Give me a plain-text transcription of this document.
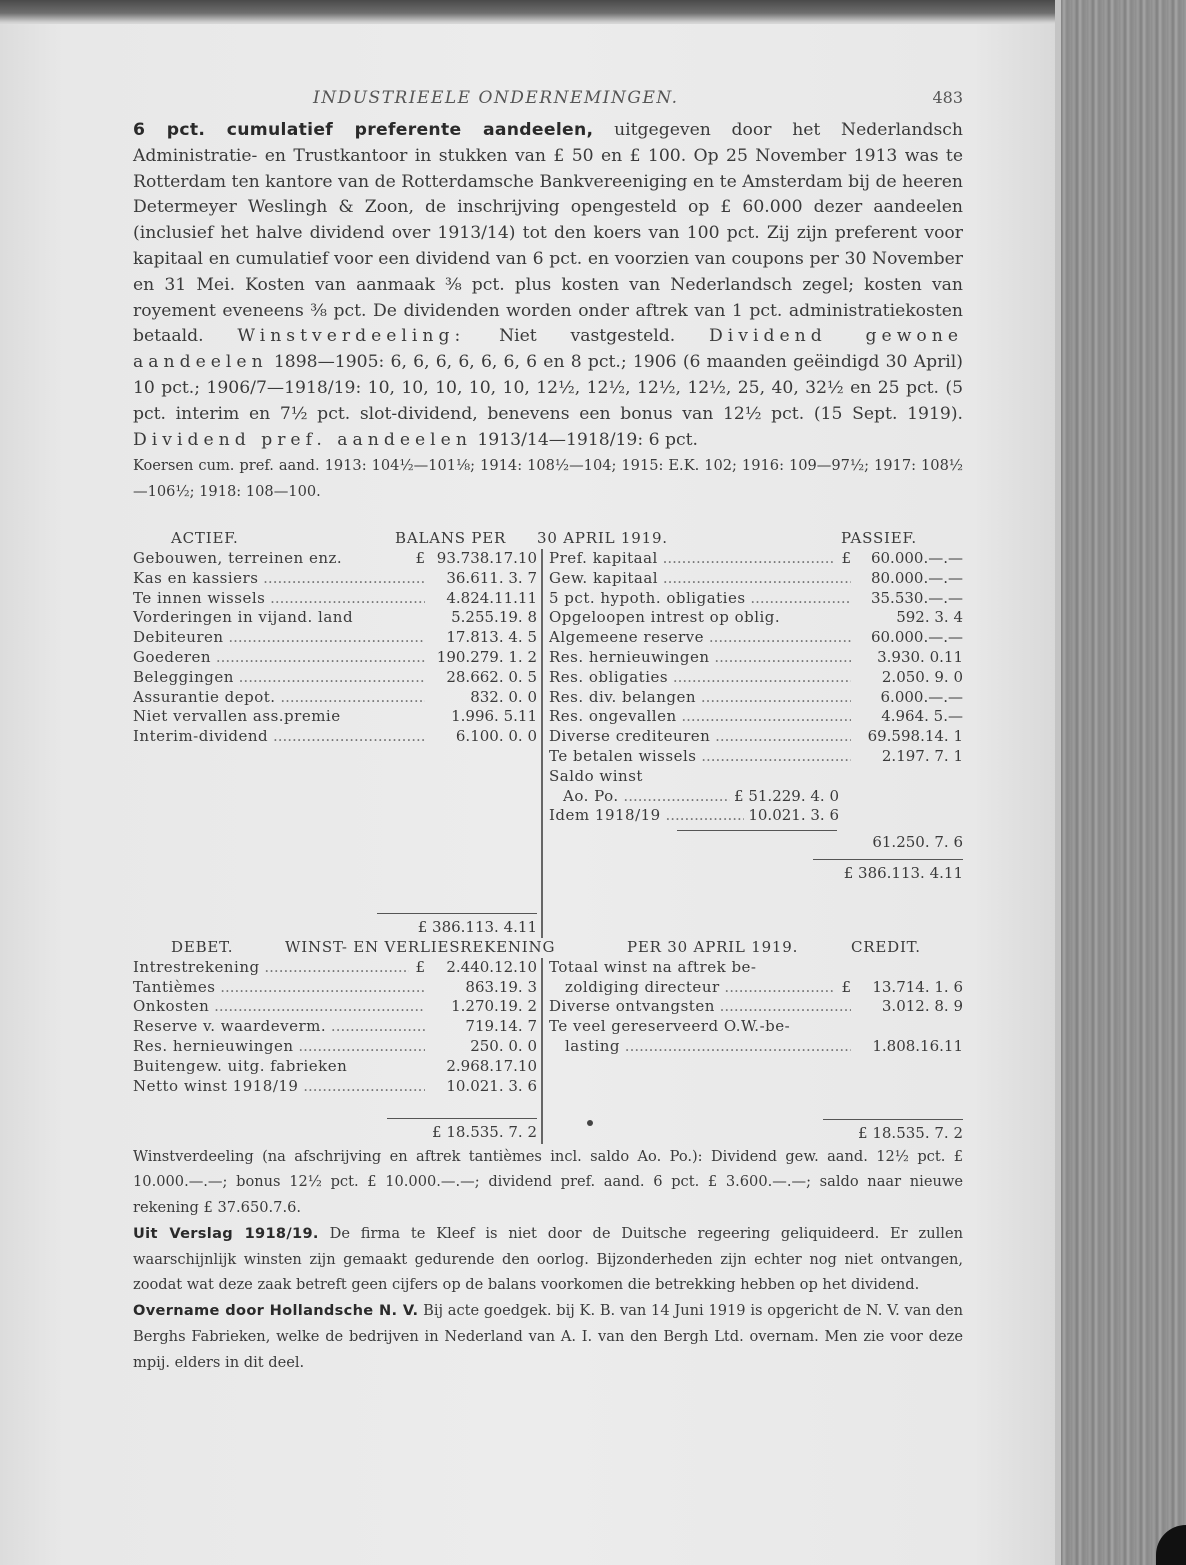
INDUSTRIEELE ONDERNEMINGEN.	483

6 pct. cumulatief preferente aandeelen, uitgegeven door het Nederlandsch Administratie- en Trustkantoor in stukken van £ 50 en £ 100. Op 25 November 1913 was te Rotterdam ten kantore van de Rotterdamsche Bankvereeniging en te Amsterdam bij de heeren Determeyer Weslingh & Zoon, de inschrijving opengesteld op £ 60.000 dezer aandeelen (inclusief het halve dividend over 1913/14) tot den koers van 100 pct. Zij zijn preferent voor kapitaal en cumulatief voor een dividend van 6 pct. en voorzien van coupons per 30 November en 31 Mei. Kosten van aanmaak ⅜ pct. plus kosten van Nederlandsch zegel; kosten van royement eveneens ⅜ pct. De dividenden worden onder aftrek van 1 pct. administratiekosten betaald. Winstverdeeling: Niet vastgesteld. Dividend gewone aandeelen 1898—1905: 6, 6, 6, 6, 6, 6, 6 en 8 pct.; 1906 (6 maanden geëindigd 30 April) 10 pct.; 1906/7—1918/19: 10, 10, 10, 10, 10, 12½, 12½, 12½, 12½, 25, 40, 32½ en 25 pct. (5 pct. interim en 7½ pct. slot-dividend, benevens een bonus van 12½ pct. (15 Sept. 1919). Dividend pref. aandeelen 1913/14—1918/19: 6 pct.

Koersen cum. pref. aand. 1913: 104½—101⅛; 1914: 108½—104; 1915: E.K. 102; 1916: 109—97½; 1917: 108½—106½; 1918: 108—100.

ACTIEF.	BALANS PER 30 APRIL 1919.	PASSIEF.
Gebouwen, terreinen enz.	£ 93.738.17.10
Kas en kassiers .....	36.611. 3. 7
Te innen wissels .....	4.824.11.11
Vorderingen in vijand. land	5.255.19. 8
Debiteuren .....	17.813. 4. 5
Goederen .....	190.279. 1. 2
Beleggingen .....	28.662. 0. 5
Assurantie depot. .....	832. 0. 0
Niet vervallen ass.premie	1.996. 5.11
Interim-dividend .....	6.100. 0. 0
£ 386.113. 4.11
Pref. kapitaal .....	£	60.000.—.—
Gew. kapitaal .....	80.000.—.—
5 pct. hypoth. obligaties .....	35.530.—.—
Opgeloopen intrest op oblig.	592. 3. 4
Algemeene reserve .....	60.000.—.—
Res. hernieuwingen .....	3.930. 0.11
Res. obligaties .....	2.050. 9. 0
Res. div. belangen .....	6.000.—.—
Res. ongevallen .....	4.964. 5.—
Diverse crediteuren .....	69.598.14. 1
Te betalen wissels .....	2.197. 7. 1
Saldo winst
Ao. Po. .....	£ 51.229. 4. 0
Idem 1918/19 .....	10.021. 3. 6
61.250. 7. 6
£ 386.113. 4.11
DEBET.	WINST- EN VERLIESREKENING	PER 30 APRIL 1919.	CREDIT.
Intrestrekening .....	£	2.440.12.10
Tantièmes .....	863.19. 3
Onkosten .....	1.270.19. 2
Reserve v. waardeverm. .....	719.14. 7
Res. hernieuwingen .....	250. 0. 0
Buitengew. uitg. fabrieken	2.968.17.10
Netto winst 1918/19 .....	10.021. 3. 6
£ 18.535. 7. 2
Totaal winst na aftrek be-
zoldiging directeur .....	£	13.714. 1. 6
Diverse ontvangsten .....	3.012. 8. 9
Te veel gereserveerd O.W.-be-
lasting .....	1.808.16.11
£ 18.535. 7. 2

Winstverdeeling (na afschrijving en aftrek tantièmes incl. saldo Ao. Po.): Dividend gew. aand. 12½ pct. £ 10.000.—.—; bonus 12½ pct. £ 10.000.—.—; dividend pref. aand. 6 pct. £ 3.600.—.—; saldo naar nieuwe rekening £ 37.650.7.6.

Uit Verslag 1918/19. De firma te Kleef is niet door de Duitsche regeering geliquideerd. Er zullen waarschijnlijk winsten zijn gemaakt gedurende den oorlog. Bijzonderheden zijn echter nog niet ontvangen, zoodat wat deze zaak betreft geen cijfers op de balans voorkomen die betrekking hebben op het dividend.

Overname door Hollandsche N. V. Bij acte goedgek. bij K. B. van 14 Juni 1919 is opgericht de N. V. van den Berghs Fabrieken, welke de bedrijven in Nederland van A. I. van den Bergh Ltd. overnam. Men zie voor deze mpij. elders in dit deel.
